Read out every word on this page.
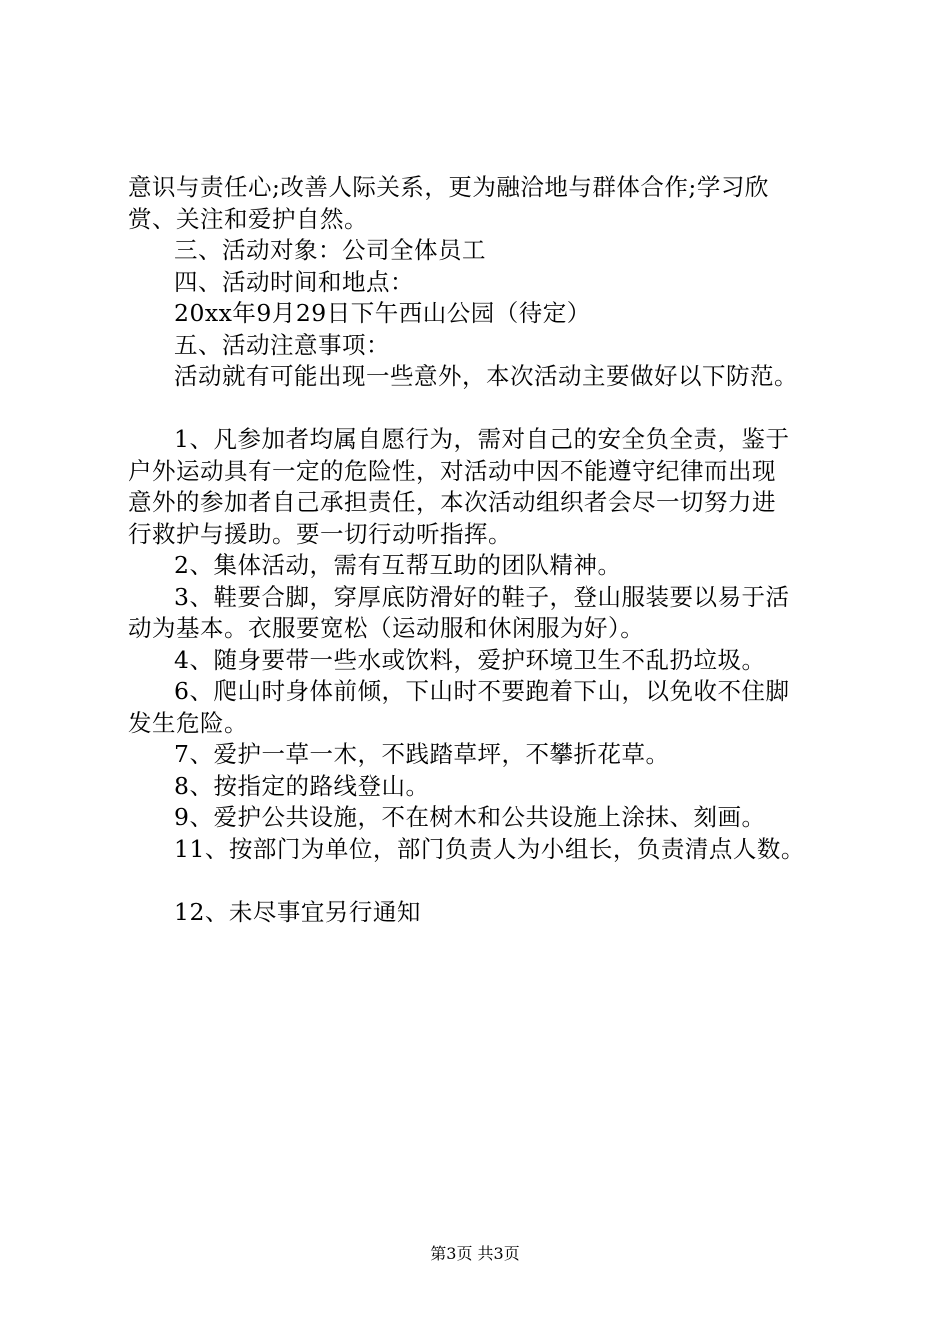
意识与责任心;改善人际关系，更为融洽地与群体合作;学习欣
赏、关注和爱护自然。
三、活动对象：公司全体员工
四、活动时间和地点：
20xx年9月29日下午西山公园（待定）
五、活动注意事项：
活动就有可能出现一些意外，本次活动主要做好以下防范。
1、凡参加者均属自愿行为，需对自己的安全负全责，鉴于
户外运动具有一定的危险性，对活动中因不能遵守纪律而出现
意外的参加者自己承担责任，本次活动组织者会尽一切努力进
行救护与援助。要一切行动听指挥。
2、集体活动，需有互帮互助的团队精神。
3、鞋要合脚，穿厚底防滑好的鞋子，登山服装要以易于活
动为基本。衣服要宽松（运动服和休闲服为好）。
4、随身要带一些水或饮料，爱护环境卫生不乱扔垃圾。
6、爬山时身体前倾，下山时不要跑着下山，以免收不住脚
发生危险。
7、爱护一草一木，不践踏草坪，不攀折花草。
8、按指定的路线登山。
9、爱护公共设施，不在树木和公共设施上涂抹、刻画。
11、按部门为单位，部门负责人为小组长，负责清点人数。
12、未尽事宜另行通知
第3页 共3页
